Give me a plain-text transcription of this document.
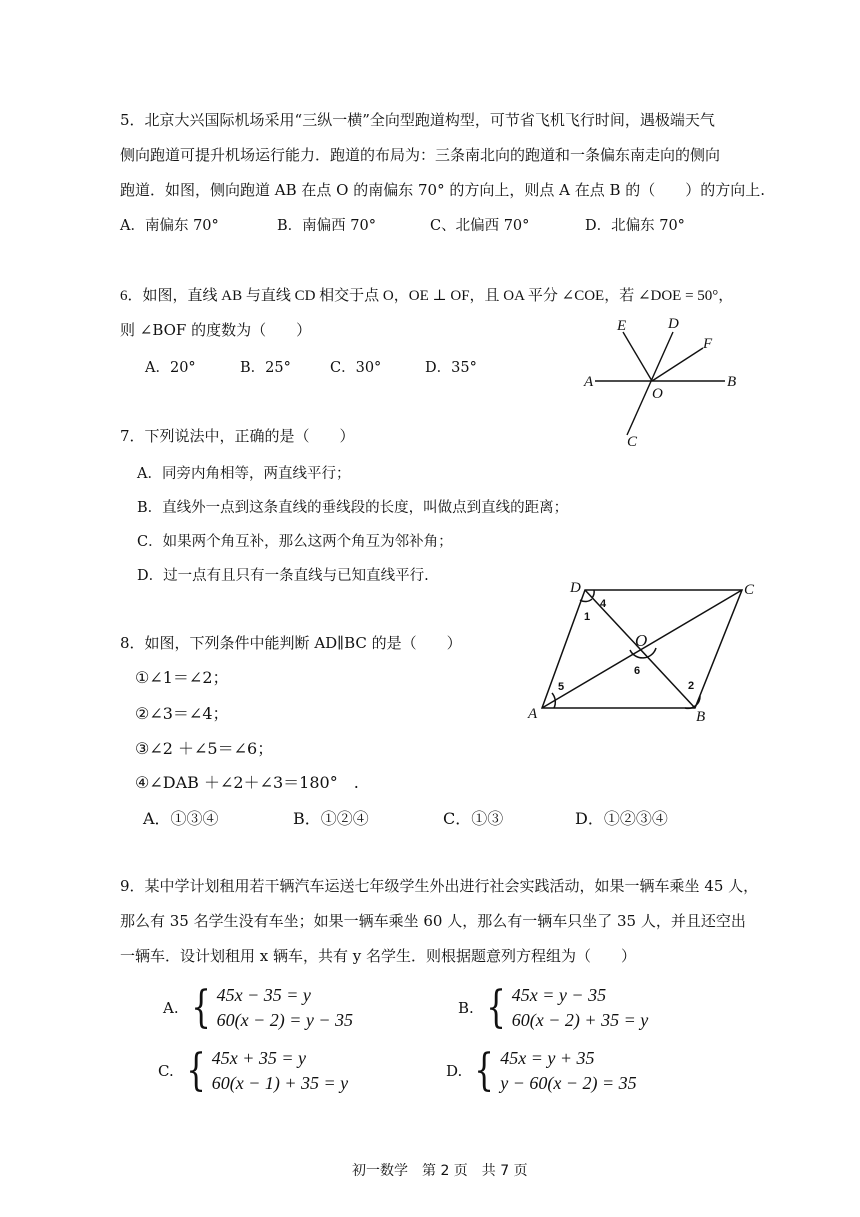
5．北京大兴国际机场采用“三纵一横”全向型跑道构型，可节省飞机飞行时间，遇极端天气
侧向跑道可提升机场运行能力．跑道的布局为：三条南北向的跑道和一条偏东南走向的侧向
跑道．如图，侧向跑道 AB 在点 O 的南偏东 70° 的方向上，则点 A 在点 B 的（　　）的方向上.
A．南偏东 70°	B．南偏西 70°	C、北偏西 70°	D．北偏东 70°
6．如图，直线 AB 与直线 CD 相交于点 O，OE ⊥ OF，且 OA 平分 ∠COE，若 ∠DOE = 50°，
则 ∠BOF 的度数为（　　）
A．20°	B．25°	C．30°	D．35°
E	D
F
A
O
B
C
7．下列说法中，正确的是（　　）
A．同旁内角相等，两直线平行；
B．直线外一点到这条直线的垂线段的长度，叫做点到直线的距离；
C．如果两个角互补，那么这两个角互为邻补角；
D．过一点有且只有一条直线与已知直线平行.
8．如图，下列条件中能判断 AD∥BC 的是（　　）
①∠1＝∠2；
②∠3＝∠4；
③∠2 ＋∠5＝∠6；
④∠DAB ＋∠2＋∠3＝180°　.
A．①③④	B．①②④	C．①③	D．①②③④
D	C
A	B
O
1
4
5
6
2
9．某中学计划租用若干辆汽车运送七年级学生外出进行社会实践活动，如果一辆车乘坐 45 人，
那么有 35 名学生没有车坐；如果一辆车乘坐 60 人，那么有一辆车只坐了 35 人，并且还空出
一辆车．设计划租用 x 辆车，共有 y 名学生．则根据题意列方程组为（　　）
A. { 45x − 35 = y
60(x − 2) = y − 35
B. { 45x = y − 35
60(x − 2) + 35 = y
C. { 45x + 35 = y
60(x − 1) + 35 = y
D. { 45x = y + 35
y − 60(x − 2) = 35
初一数学　第 2 页　共 7 页
